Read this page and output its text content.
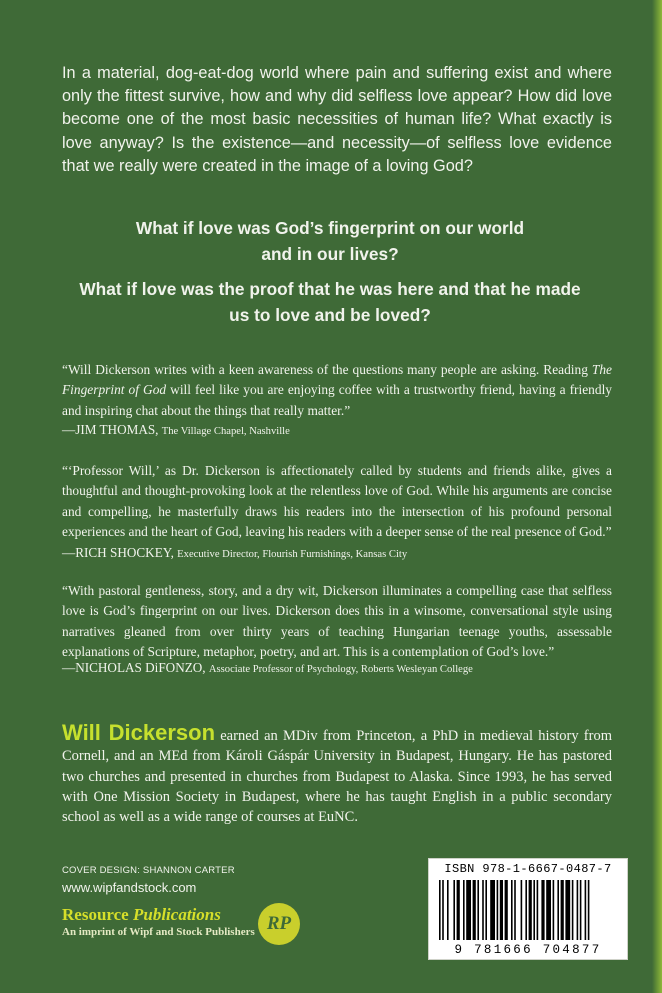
In a material, dog-eat-dog world where pain and suffering exist and where only the fittest survive, how and why did selfless love appear? How did love become one of the most basic necessities of human life? What exactly is love anyway? Is the existence—and necessity—of selfless love evidence that we really were created in the image of a loving God?
What if love was God’s fingerprint on our world
and in our lives?
What if love was the proof that he was here and that he made
us to love and be loved?
“Will Dickerson writes with a keen awareness of the questions many people are asking. Reading The Fingerprint of God will feel like you are enjoying coffee with a trustworthy friend, having a friendly and inspiring chat about the things that really matter.”
—JIM THOMAS, The Village Chapel, Nashville
“‘Professor Will,’ as Dr. Dickerson is affectionately called by students and friends alike, gives a thoughtful and thought-provoking look at the relentless love of God. While his arguments are concise and compelling, he masterfully draws his readers into the intersection of his profound personal experiences and the heart of God, leaving his readers with a deeper sense of the real presence of God.”
—RICH SHOCKEY, Executive Director, Flourish Furnishings, Kansas City
“With pastoral gentleness, story, and a dry wit, Dickerson illuminates a compelling case that selfless love is God’s fingerprint on our lives. Dickerson does this in a winsome, conversational style using narratives gleaned from over thirty years of teaching Hungarian teenage youths, assessable explanations of Scripture, metaphor, poetry, and art. This is a contemplation of God’s love.”
—NICHOLAS DiFONZO, Associate Professor of Psychology, Roberts Wesleyan College
Will Dickerson earned an MDiv from Princeton, a PhD in medieval history from Cornell, and an MEd from Károli Gáspár University in Budapest, Hungary. He has pastored two churches and presented in churches from Budapest to Alaska. Since 1993, he has served with One Mission Society in Budapest, where he has taught English in a public secondary school as well as a wide range of courses at EuNC.
COVER DESIGN: SHANNON CARTER
www.wipfandstock.com
Resource Publications
An imprint of Wipf and Stock Publishers RP
ISBN 978-1-6667-0487-7
9 781666 704877
